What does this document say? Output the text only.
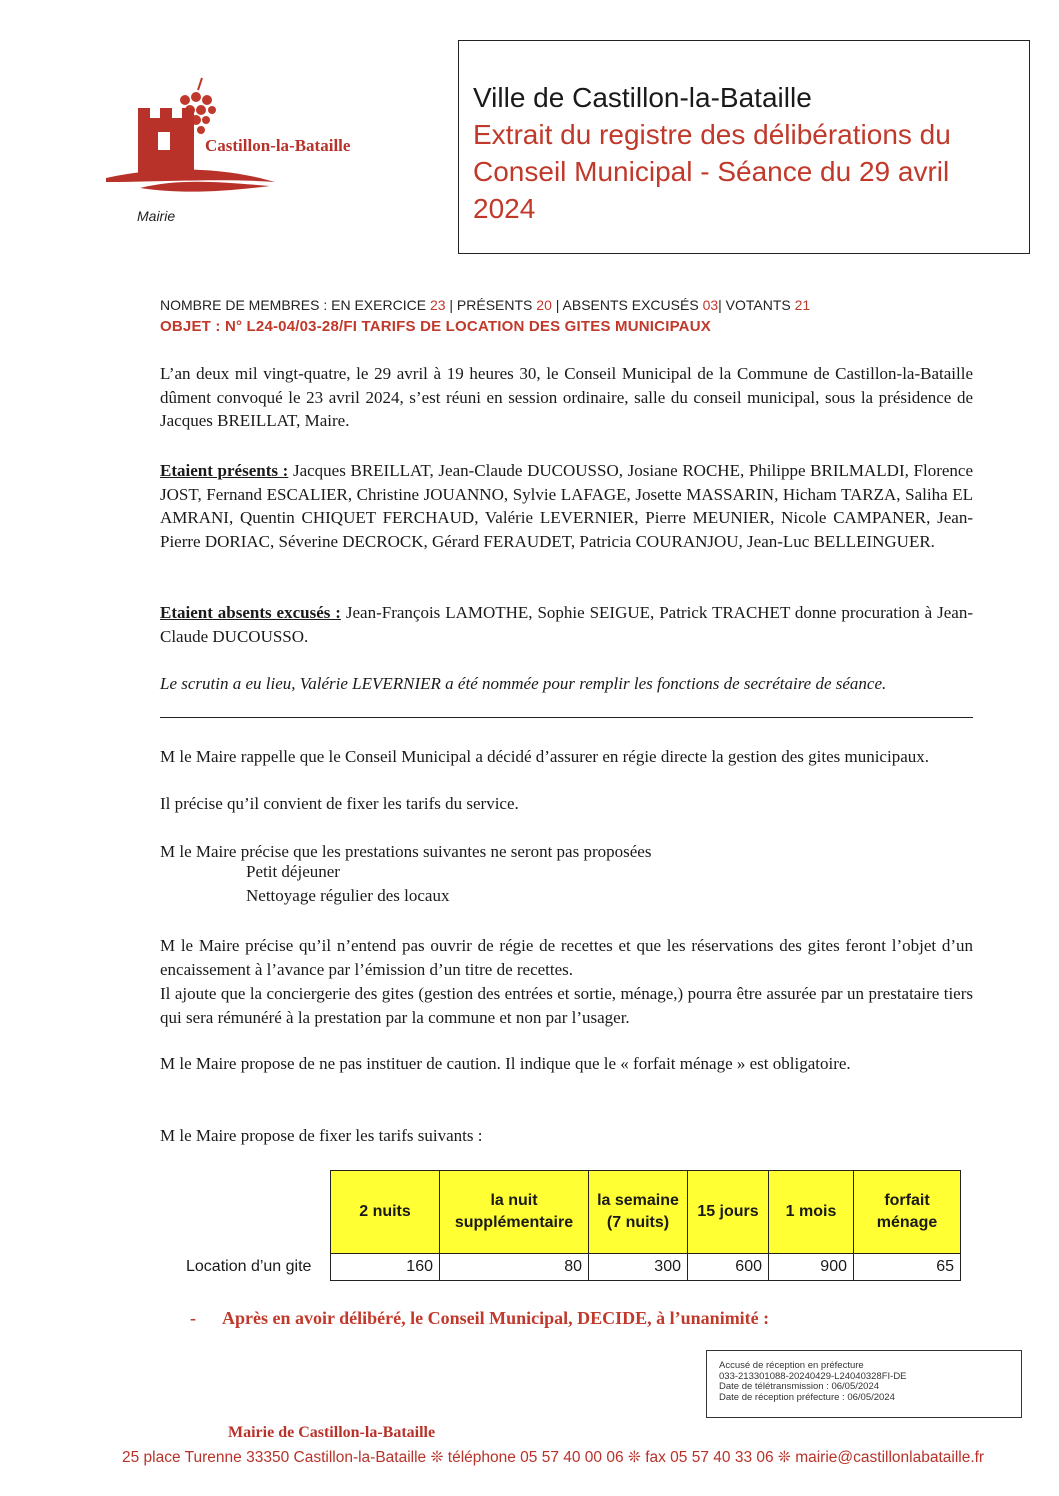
Castillon-la-Bataille
Mairie
Ville de Castillon-la-Bataille
Extrait du registre des délibérations du
Conseil Municipal - Séance du 29 avril
2024
NOMBRE DE MEMBRES : EN EXERCICE 23 | PRÉSENTS 20 | ABSENTS EXCUSÉS 03| VOTANTS 21
OBJET : N° L24-04/03-28/FI TARIFS DE LOCATION DES GITES MUNICIPAUX

L’an deux mil vingt-quatre, le 29 avril à 19 heures 30, le Conseil Municipal de la Commune de Castillon-la-Bataille dûment convoqué le 23 avril 2024, s’est réuni en session ordinaire, salle du conseil municipal, sous la présidence de Jacques BREILLAT, Maire.

Etaient présents : Jacques BREILLAT, Jean-Claude DUCOUSSO, Josiane ROCHE, Philippe BRILMALDI, Florence JOST, Fernand ESCALIER, Christine JOUANNO, Sylvie LAFAGE, Josette MASSARIN, Hicham TARZA, Saliha EL AMRANI, Quentin CHIQUET FERCHAUD, Valérie LEVERNIER, Pierre MEUNIER, Nicole CAMPANER, Jean-Pierre DORIAC, Séverine DECROCK, Gérard FERAUDET, Patricia COURANJOU, Jean-Luc BELLEINGUER.

Etaient absents excusés : Jean-François LAMOTHE, Sophie SEIGUE, Patrick TRACHET donne procuration à Jean-Claude DUCOUSSO.

Le scrutin a eu lieu, Valérie LEVERNIER a été nommée pour remplir les fonctions de secrétaire de séance.

M le Maire rappelle que le Conseil Municipal a décidé d’assurer en régie directe la gestion des gites municipaux.

Il précise qu’il convient de fixer les tarifs du service.

M le Maire précise que les prestations suivantes ne seront pas proposées

Petit déjeuner
Nettoyage régulier des locaux

M le Maire précise qu’il n’entend pas ouvrir de régie de recettes et que les réservations des gites feront l’objet d’un encaissement à l’avance par l’émission d’un titre de recettes.

Il ajoute que la conciergerie des gites (gestion des entrées et sortie, ménage,) pourra être assurée par un prestataire tiers qui sera rémunéré à la prestation par la commune et non par l’usager.

M le Maire propose de ne pas instituer de caution. Il indique que le « forfait ménage » est obligatoire.

M le Maire propose de fixer les tarifs suivants :

	2 nuits	la nuit supplémentaire	la semaine (7 nuits)	15 jours	1 mois	forfait ménage
Location d’un gite	160	80	300	600	900	65
- Après en avoir délibéré, le Conseil Municipal, DECIDE, à l’unanimité :
Accusé de réception en préfecture
033-213301088-20240429-L24040328FI-DE
Date de télétransmission : 06/05/2024
Date de réception préfecture : 06/05/2024
Mairie de Castillon-la-Bataille
25 place Turenne 33350 Castillon-la-Bataille ❊ téléphone 05 57 40 00 06 ❊ fax 05 57 40 33 06 ❊ mairie@castillonlabataille.fr
